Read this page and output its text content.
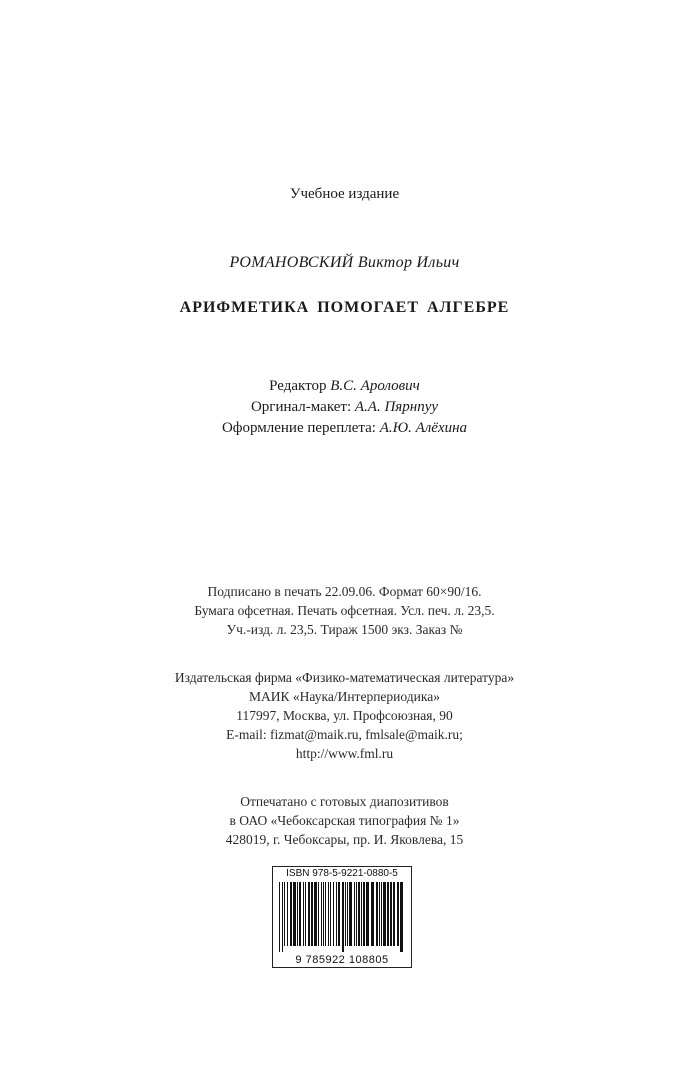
Учебное издание
РОМАНОВСКИЙ Виктор Ильич
АРИФМЕТИКА ПОМОГАЕТ АЛГЕБРЕ
Редактор В.С. Аролович
Оргинал-макет: А.А. Пярнпуу
Оформление переплета: А.Ю. Алёхина
Подписано в печать 22.09.06. Формат 60×90/16.
Бумага офсетная. Печать офсетная. Усл. печ. л. 23,5.
Уч.-изд. л. 23,5. Тираж 1500 экз. Заказ №
Издательская фирма «Физико-математическая литература»
МАИК «Наука/Интерпериодика»
117997, Москва, ул. Профсоюзная, 90
E-mail: fizmat@maik.ru, fmlsale@maik.ru;
http://www.fml.ru
Отпечатано с готовых диапозитивов
в ОАО «Чебоксарская типография № 1»
428019, г. Чебоксары, пр. И. Яковлева, 15
ISBN 978-5-9221-0880-5
9 785922 108805
